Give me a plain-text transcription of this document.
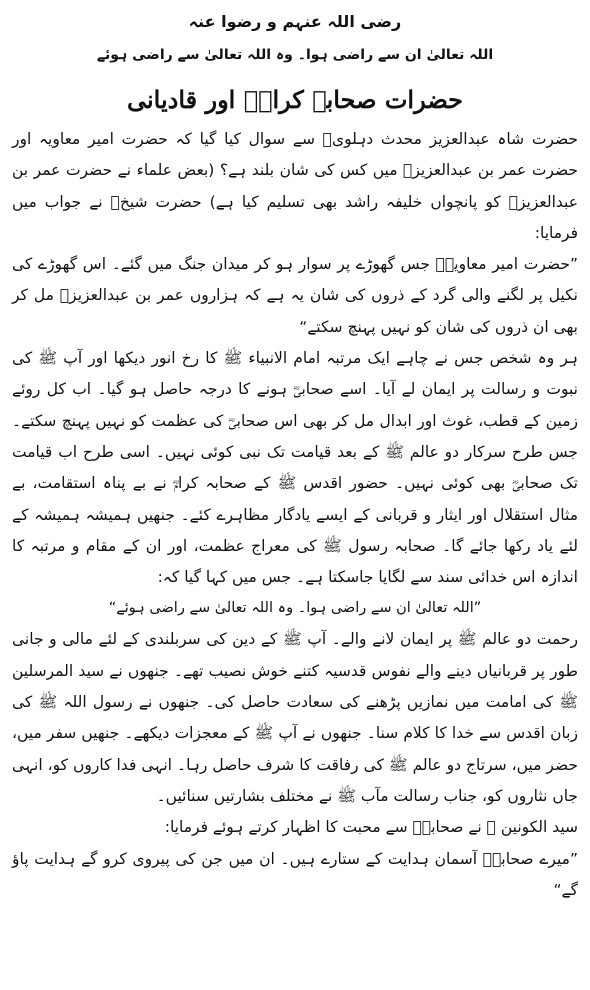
رضی اللہ عنہم و رضوا عنہ

اللہ تعالیٰ ان سے راضی ہوا۔ وہ اللہ تعالیٰ سے راضی ہوئے

حضرات صحابہ کرامؓ اور قادیانی

حضرت شاہ عبدالعزیز محدث دہلویؒ سے سوال کیا گیا کہ حضرت امیر معاویہ اور حضرت عمر بن عبدالعزیزؒ میں کس کی شان بلند ہے؟ (بعض علماء نے حضرت عمر بن عبدالعزیزؒ کو پانچواں خلیفہ راشد بھی تسلیم کیا ہے) حضرت شیخؒ نے جواب میں فرمایا:

”حضرت امیر معاویہؓ جس گھوڑے پر سوار ہو کر میدان جنگ میں گئے۔ اس گھوڑے کی نکیل پر لگنے والی گرد کے ذروں کی شان یہ ہے کہ ہزاروں عمر بن عبدالعزیزؒ مل کر بھی ان ذروں کی شان کو نہیں پہنچ سکتے“

ہر وہ شخص جس نے چاہے ایک مرتبہ امام الانبیاء ﷺ کا رخ انور دیکھا اور آپ ﷺ کی نبوت و رسالت پر ایمان لے آیا۔ اسے صحابیؓ ہونے کا درجہ حاصل ہو گیا۔ اب کل روئے زمین کے قطب، غوث اور ابدال مل کر بھی اس صحابیؓ کی عظمت کو نہیں پہنچ سکتے۔ جس طرح سرکار دو عالم ﷺ کے بعد قیامت تک نبی کوئی نہیں۔ اسی طرح اب قیامت تک صحابیؓ بھی کوئی نہیں۔ حضور اقدس ﷺ کے صحابہ کرامؓ نے بے پناہ استقامت، بے مثال استقلال اور ایثار و قربانی کے ایسے یادگار مظاہرے کئے۔ جنھیں ہمیشہ ہمیشہ کے لئے یاد رکھا جائے گا۔ صحابہ رسول ﷺ کی معراج عظمت، اور ان کے مقام و مرتبہ کا اندازہ اس خدائی سند سے لگایا جاسکتا ہے۔ جس میں کہا گیا کہ:

”اللہ تعالیٰ ان سے راضی ہوا۔ وہ اللہ تعالیٰ سے راضی ہوئے“

رحمت دو عالم ﷺ پر ایمان لانے والے۔ آپ ﷺ کے دین کی سربلندی کے لئے مالی و جانی طور پر قربانیاں دینے والے نفوس قدسیہ کتنے خوش نصیب تھے۔ جنھوں نے سید المرسلین ﷺ کی امامت میں نمازیں پڑھنے کی سعادت حاصل کی۔ جنھوں نے رسول اللہ ﷺ کی زبان اقدس سے خدا کا کلام سنا۔ جنھوں نے آپ ﷺ کے معجزات دیکھے۔ جنھیں سفر میں، حضر میں، سرتاج دو عالم ﷺ کی رفاقت کا شرف حاصل رہا۔ انہی فدا کاروں کو، انہی جاں نثاروں کو، جناب رسالت مآب ﷺ نے مختلف بشارتیں سنائیں۔

سید الکونین ﷺ نے صحابہؓ سے محبت کا اظہار کرتے ہوئے فرمایا:

”میرے صحابہؓ آسمان ہدایت کے ستارے ہیں۔ ان میں جن کی پیروی کرو گے ہدایت پاؤ گے“
